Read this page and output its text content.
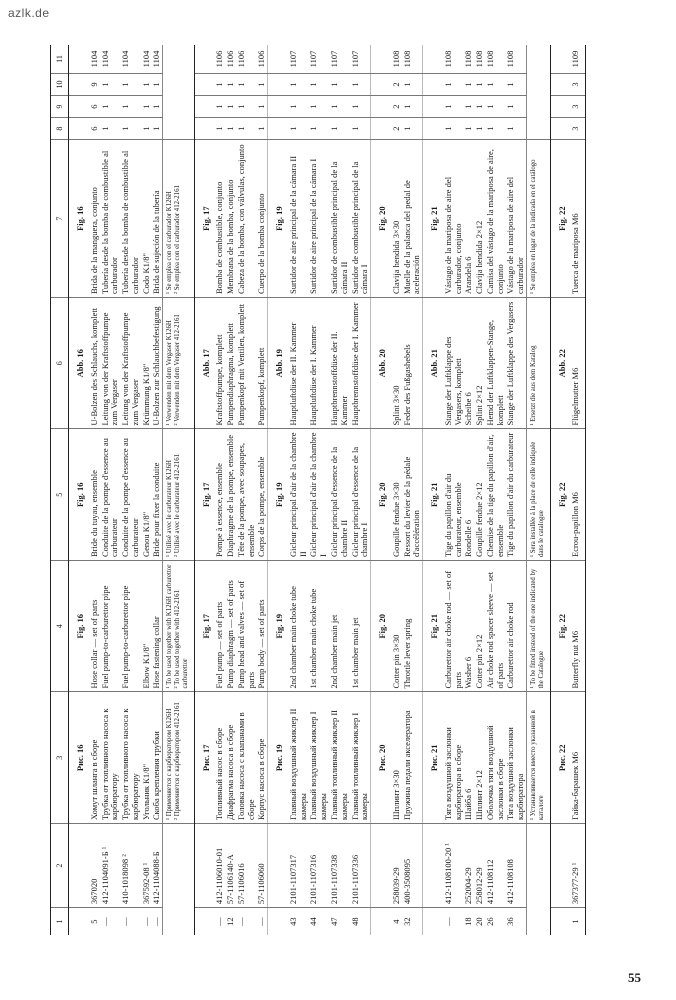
azlk.de
1	2	3	4	5	6	7	8	9	10	11
		Рис. 16	Fig. 16	Fig. 16	Abb. 16	Fig. 16				
5	367020	Хомут шланга в сборе	Hose collar — set of parts	Bride du tuyau, ensemble	U-Bolzen des Schlauchs, komplett	Brida de la manguera, conjunto	6	6	9	1104
—	412-1104091-Б ¹	Трубка от топливного насоса к карбюратору	Fuel pump-to-carburettor pipe	Conduite de la pompe d'essence au carburateur	Leitung von der Kraftstoffpumpe zum Vergaser	Tubería desde la bomba de combustible al carburador	1	1	1	1104
—	410-1018098 ²	Трубка от топливного насоса к карбюратору	Fuel pump-to-carburettor pipe	Conduite de la pompe d'essence au carburateur	Leitung von der Kraftstoffpumpe zum Vergaser	Tubería desde la bomba de combustible al carburador	1	1	1	1104
—	367592-08 ¹	Угольник К1/8"	Elbow K1/8"	Genou K1/8"	Krümmung K1/8"	Codo K1/8"	1	1	1	1104
—	412-1104088-Б	Скоба крепления трубки	Hose fastening collar	Bride pour fixer la conduite	U-Bolzen zur Schlauchbefestigung	Brida de sujeción de la tubería	1	1	1	1104

		¹ Применяется с карбюратором К126Н ² Применяется с карбюратором 412-2161	¹ To be used together with K126H carburettor ² To be used together with 412-2161 carburettor	¹ Utilisé avec le carburateur K126H ² Utilisé avec le carburateur 412-2161	¹ Verwenden mit dem Vergaser K126H ² Verwenden mit dem Vergaser 412-2161	¹ Se emplea con el carburador K126H ² Se emplea con el carburador 412-2161				

		Рис. 17	Fig. 17	Fig. 17	Abb. 17	Fig. 17				
—	412-1106010-01	Топливный насос в сборе	Fuel pump — set of parts	Pompe à essence, ensemble	Kraftstoffpumpe, komplett	Bomba de combustible, conjunto	1	1	1	1106
12	57-1106140-А	Диафрагма насоса в сборе	Pump diaphragm — set of parts	Diaphragme de la pompe, ensemble	Pumpendiaphragma, komplett	Membrana de la bomba, conjunto	1	1	1	1106
—	57-1106016	Головка насоса с клапанами в сборе	Pump head and valves — set of parts	Tête de la pompe, avec soupapes, ensemble	Pumpenkopf mit Ventilen, komplett	Cabeza de la bomba, con válvulas, conjunto	1	1	1	1106
—	57-1106060	Корпус насоса в сборе	Pump body — set of parts	Corps de la pompe, ensemble	Pumpenkopf, komplett	Cuerpo de la bomba conjunto	1	1	1	1106
		Рис. 19	Fig. 19	Fig. 19	Abb. 19	Fig. 19				
43	2101-1107317	Главный воздушный жиклер II камеры	2nd chamber main choke tube	Gicleur principal d'air de la chambre II	Hauptluftdüse der II. Kammer	Surtidor de aire principal de la cámara II	1	1	1	1107
44	2101-1107316	Главный воздушный жиклер I камеры	1st chamber main choke tube	Gicleur principal d'air de la chambre I	Hauptluftdüse der I. Kammer	Surtidor de aire principal de la cámara I	1	1	1	1107
47	2101-1107338	Главный топливный жиклер II камеры	2nd chamber main jet	Gicleur principal d'essence de la chambre II	Hauptbrennstoffdüse der II. Kammer	Surtidor de combustible principal de la cámara II	1	1	1	1107
48	2101-1107336	Главный топливный жиклер I камеры	1st chamber main jet	Gicleur principal d'essence de la chambre I	Hauptbrennstoffdüse der I. Kammer	Surtidor de combustible principal de la cámara I	1	1	1	1107
		Рис. 20	Fig. 20	Fig. 20	Abb. 20	Fig. 20				
4	258039-29	Шплинт 3×30	Cotter pin 3×30	Goupille fendue 3×30	Splint 3×30	Clavija hendida 3×30	2	2	2	1108
32	400-3508095	Пружина педали акселератора	Throttle lever spring	Ressort du levier de la pédale d'accélération	Feder des Fußgashebels	Muelle de la palanca del pedal de aceleración	1	1	1	1108
		Рис. 21	Fig. 21	Fig. 21	Abb. 21	Fig. 21				
—	412-1108100-20 ¹	Тяга воздушной заслонки карбюратора в сборе	Carburettor air choke rod — set of parts	Tige du papillon d'air du carburateur, ensemble	Stange der Luftklappe des Vergasers, komplett	Vástago de la mariposa de aire del carburador, conjunto	1	1	1	1108
18	252004-29	Шайба 6	Washer 6	Rondelle 6	Scheibe 6	Arandela 6	1	1	1	1108
20	258012-29	Шплинт 2×12	Cotter pin 2×12	Goupille fendue 2×12	Splint 2×12	Clavija hendida 2×12	1	1	1	1108
26	412-1108112	Оболочка тяги воздушной заслонки в сборе	Air choke rod spacer sleeve — set of parts	Chemise de la tige du papillon d'air, ensemble	Hemd der Luftklappen-Stange, komplett	Camisa del vástago de la mariposa de aire, conjunto	1	1	1	1108
36	412-1108108	Тяга воздушной заслонки карбюратора	Carburettor air choke rod	Tige du papillon d'air du carburateur	Stange der Luftklappe des Vergasers	Vástago de la mariposa de aire del carburador	1	1	1	1108

		¹ Устанавливается вместо указанной в каталоге	¹ To be fitted instead of the one indicated by the Catalogue	¹ Sera installée à la place de celle indiquée dans le catalogue	¹ Ersetzt die aus dem Katalog	¹ Se emplea en lugar de la indicada en el catálogo				

		Рис. 22	Fig. 22	Fig. 22	Abb. 22	Fig. 22				
1	367377-29 ¹	Гайка-барашек М6	Butterfly nut M6	Ecrou-papillon M6	Flügelmutter M6	Tuerca de mariposa M6	3	3	3	1109
55
